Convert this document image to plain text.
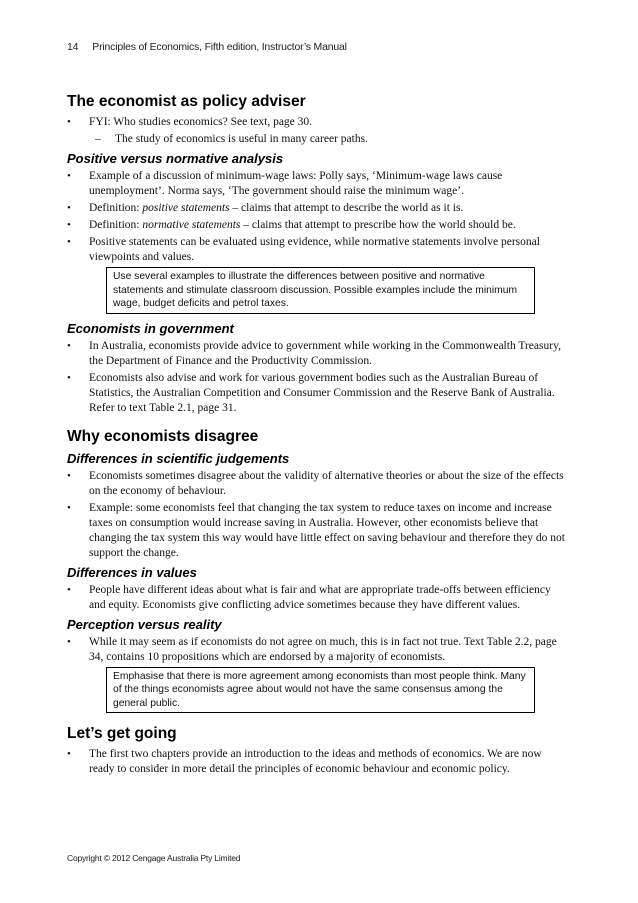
14 Principles of Economics, Fifth edition, Instructor’s Manual
The economist as policy adviser
• FYI: Who studies economics? See text, page 30.
– The study of economics is useful in many career paths.
Positive versus normative analysis
• Example of a discussion of minimum-wage laws: Polly says, ‘Minimum-wage laws cause unemployment’. Norma says, ‘The government should raise the minimum wage’.
• Definition: positive statements – claims that attempt to describe the world as it is.
• Definition: normative statements – claims that attempt to prescribe how the world should be.
• Positive statements can be evaluated using evidence, while normative statements involve personal viewpoints and values.
Use several examples to illustrate the differences between positive and normative statements and stimulate classroom discussion. Possible examples include the minimum wage, budget deficits and petrol taxes.
Economists in government
• In Australia, economists provide advice to government while working in the Commonwealth Treasury, the Department of Finance and the Productivity Commission.
• Economists also advise and work for various government bodies such as the Australian Bureau of Statistics, the Australian Competition and Consumer Commission and the Reserve Bank of Australia. Refer to text Table 2.1, page 31.
Why economists disagree
Differences in scientific judgements
• Economists sometimes disagree about the validity of alternative theories or about the size of the effects on the economy of behaviour.
• Example: some economists feel that changing the tax system to reduce taxes on income and increase taxes on consumption would increase saving in Australia. However, other economists believe that changing the tax system this way would have little effect on saving behaviour and therefore they do not support the change.
Differences in values
• People have different ideas about what is fair and what are appropriate trade-offs between efficiency and equity. Economists give conflicting advice sometimes because they have different values.
Perception versus reality
• While it may seem as if economists do not agree on much, this is in fact not true. Text Table 2.2, page 34, contains 10 propositions which are endorsed by a majority of economists.
Emphasise that there is more agreement among economists than most people think. Many of the things economists agree about would not have the same consensus among the general public.
Let’s get going
• The first two chapters provide an introduction to the ideas and methods of economics. We are now ready to consider in more detail the principles of economic behaviour and economic policy.
Copyright © 2012 Cengage Australia Pty Limited
